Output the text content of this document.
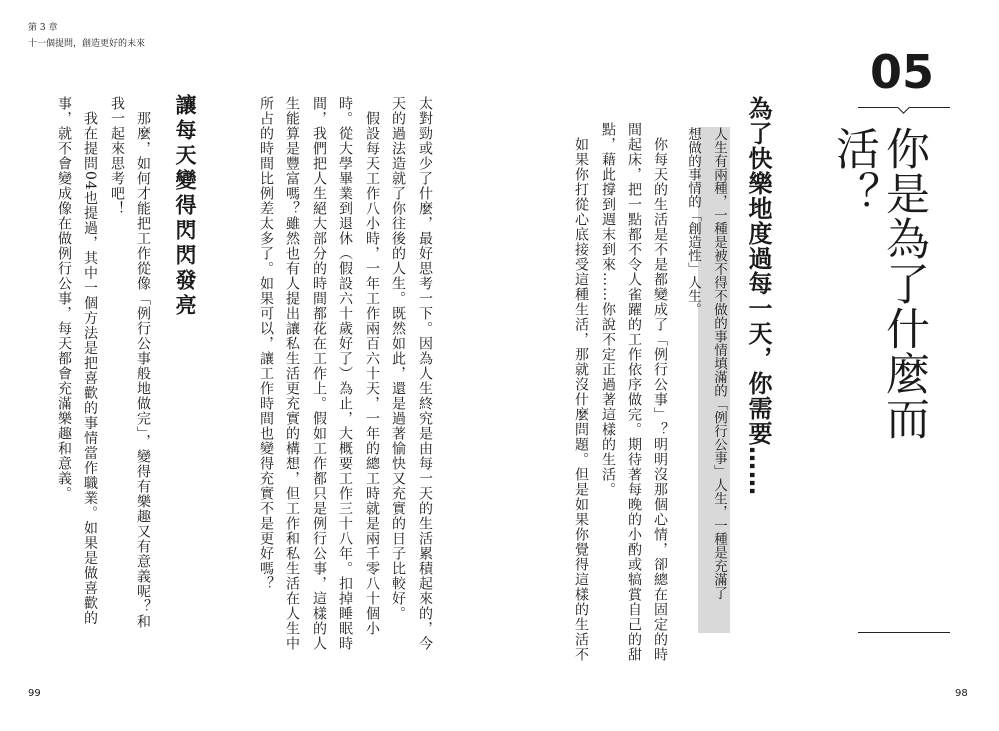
第 3 章
十一個提問，創造更好的未來
05
你是為了什麼而活？
為了快樂地度過每一天，你需要……
人生有兩種，一種是被不得不做的事情填滿的「例行公事」人生，一種是充滿了
想做的事情的「創造性」人生。
　你每天的生活是不是都變成了「例行公事」？明明沒那個心情，卻總在固定的時
間起床，把一點都不令人雀躍的工作依序做完。期待著每晚的小酌或犒賞自己的甜
點，藉此撐到週末到來……你說不定正過著這樣的生活。
　如果你打從心底接受這種生活，那就沒什麼問題。但是如果你覺得這樣的生活不
太對勁或少了什麼，最好思考一下。因為人生終究是由每一天的生活累積起來的，今
天的過法造就了你往後的人生。既然如此，還是過著愉快又充實的日子比較好。
　假設每天工作八小時，一年工作兩百六十天，一年的總工時就是兩千零八十個小
時。從大學畢業到退休（假設六十歲好了）為止，大概要工作三十八年。扣掉睡眠時
間，我們把人生絕大部分的時間都花在工作上。假如工作都只是例行公事，這樣的人
生能算是豐富嗎？雖然也有人提出讓私生活更充實的構想，但工作和私生活在人生中
所占的時間比例差太多了。如果可以，讓工作時間也變得充實不是更好嗎？
讓每天變得閃閃發亮
　那麼，如何才能把工作從像「例行公事般地做完」，變得有樂趣又有意義呢？和
我一起來思考吧！
　我在提問04也提過，其中一個方法是把喜歡的事情當作職業。如果是做喜歡的
事，就不會變成像在做例行公事，每天都會充滿樂趣和意義。
99	98
